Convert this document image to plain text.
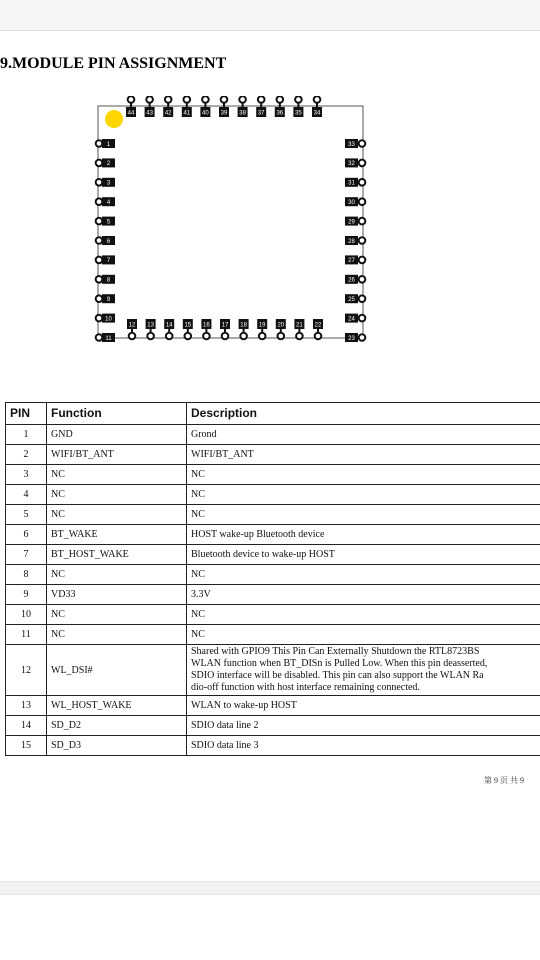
9.MODULE PIN ASSIGNMENT
44 43 42 41 40 39 38 37 36 35 34
12 13 14 15 16 17 18 19 20 21 22
1
2
3
4
5
6
7
8
9
10
11
33
32
31
30
29
28
27
26
25
24
23
PIN	Function	Description
1	GND	Grond
2	WIFI/BT_ANT	WIFI/BT_ANT
3	NC	NC
4	NC	NC
5	NC	NC
6	BT_WAKE	HOST wake-up Bluetooth device
7	BT_HOST_WAKE	Bluetooth device to wake-up HOST
8	NC	NC
9	VD33	3.3V
10	NC	NC
11	NC	NC
12	WL_DSI#	Shared with GPIO9 This Pin Can Externally Shutdown the RTL8723BS
WLAN function when BT_DISn is Pulled Low. When this pin deasserted,
SDIO interface will be disabled. This pin can also support the WLAN Ra
dio-off function with host interface remaining connected.

13	WL_HOST_WAKE	WLAN to wake-up HOST
14	SD_D2	SDIO data line 2
15	SD_D3	SDIO data line 3
第 9 页 共 9
